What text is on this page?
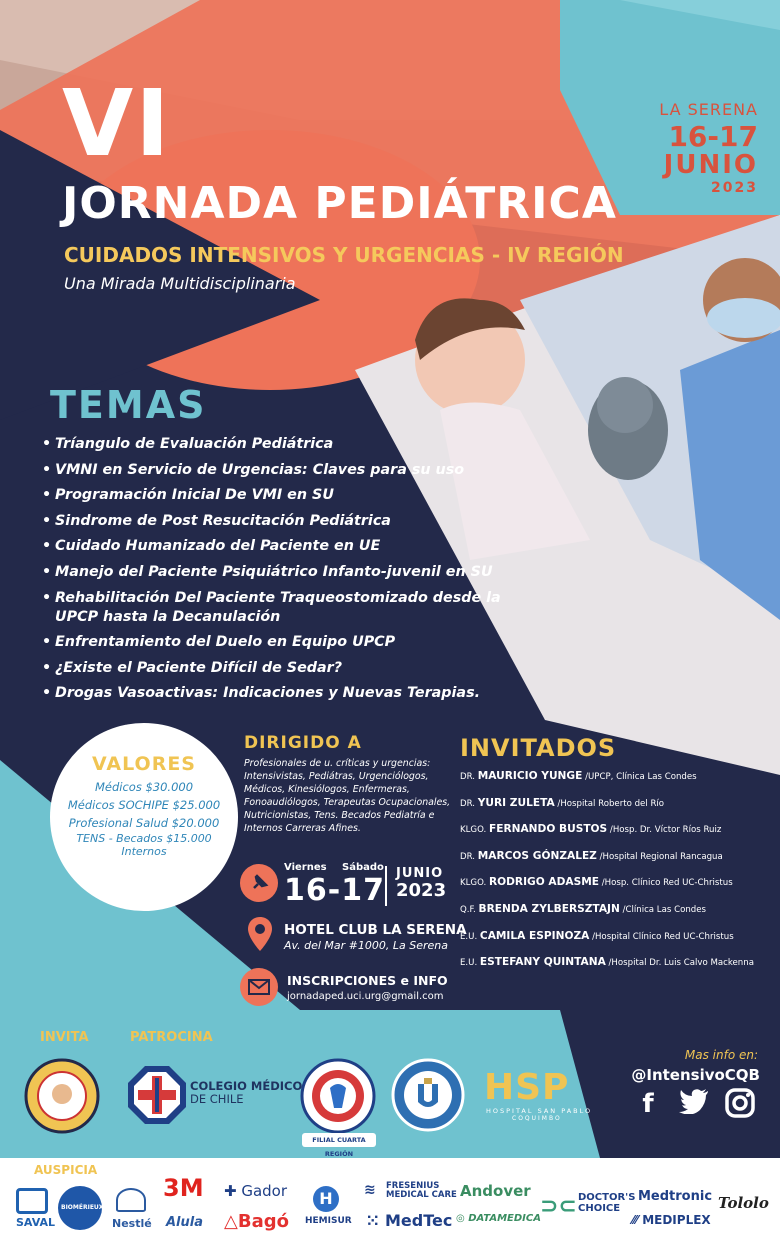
VI
JORNADA PEDIÁTRICA
CUIDADOS INTENSIVOS Y URGENCIAS - IV REGIÓN
Una Mirada Multidisciplinaria
LA SERENA
16-17
JUNIO
2023
TEMAS
• Tríangulo de Evaluación Pediátrica
• VMNI en Servicio de Urgencias: Claves para su uso
• Programación Inicial De VMI en SU
• Sindrome de Post Resucitación Pediátrica
• Cuidado Humanizado del Paciente en UE
• Manejo del Paciente Psiquiátrico Infanto-juvenil en SU
• Rehabilitación Del Paciente Traqueostomizado desde la UPCP hasta la Decanulación
• Enfrentamiento del Duelo en Equipo UPCP
• ¿Existe el Paciente Difícil de Sedar?
• Drogas Vasoactivas: Indicaciones y Nuevas Terapias.
VALORES
Médicos $30.000
Médicos SOCHIPE $25.000
Profesional Salud $20.000
TENS - Becados $15.000
Internos
DIRIGIDO A
Profesionales de u. críticas y urgencias: Intensivistas, Pediátras, Urgenciólogos, Médicos, Kinesiólogos, Enfermeras, Fonoaudiólogos, Terapeutas Ocupacionales, Nutricionistas, Tens. Becados Pediatría e Internos Carreras Afines.
Viernes Sábado
16-17 JUNIO
2023
HOTEL CLUB LA SERENA
Av. del Mar #1000, La Serena
INSCRIPCIONES e INFO
jornadaped.uci.urg@gmail.com
INVITADOS
DR. MAURICIO YUNGE /UPCP, Clínica Las Condes
DR. YURI ZULETA /Hospital Roberto del Río
KLGO. FERNANDO BUSTOS /Hosp. Dr. Víctor Ríos Ruiz
DR. MARCOS GÓNZALEZ /Hospital Regional Rancagua
KLGO. RODRIGO ADASME /Hosp. Clínico Red UC-Christus
Q.F. BRENDA ZYLBERSZTAJN /Clínica Las Condes
E.U. CAMILA ESPINOZA /Hospital Clínico Red UC-Christus
E.U. ESTEFANY QUINTANA /Hospital Dr. Luis Calvo Mackenna
INVITA	PATROCINA
COLEGIO MÉDICO
DE CHILE
FILIAL CUARTA REGIÓN
HSP
HOSPITAL SAN PABLO
COQUIMBO
Mas info en:
@IntensivoCQB
f
AUSPICIA
SAVAL
BIOMÉRIEUX
Nestlé
3M
Alula
✚ Gador
△Bagó
H
HEMISUR
FRESENIUS
MEDICAL CARE
≋
⁙ MedTec
Andover
◎ DATAMEDICA ⊃⊂ DOCTOR'S
CHOICE
Medtronic
⁄⁄⁄ MEDIPLEX
Tololo
